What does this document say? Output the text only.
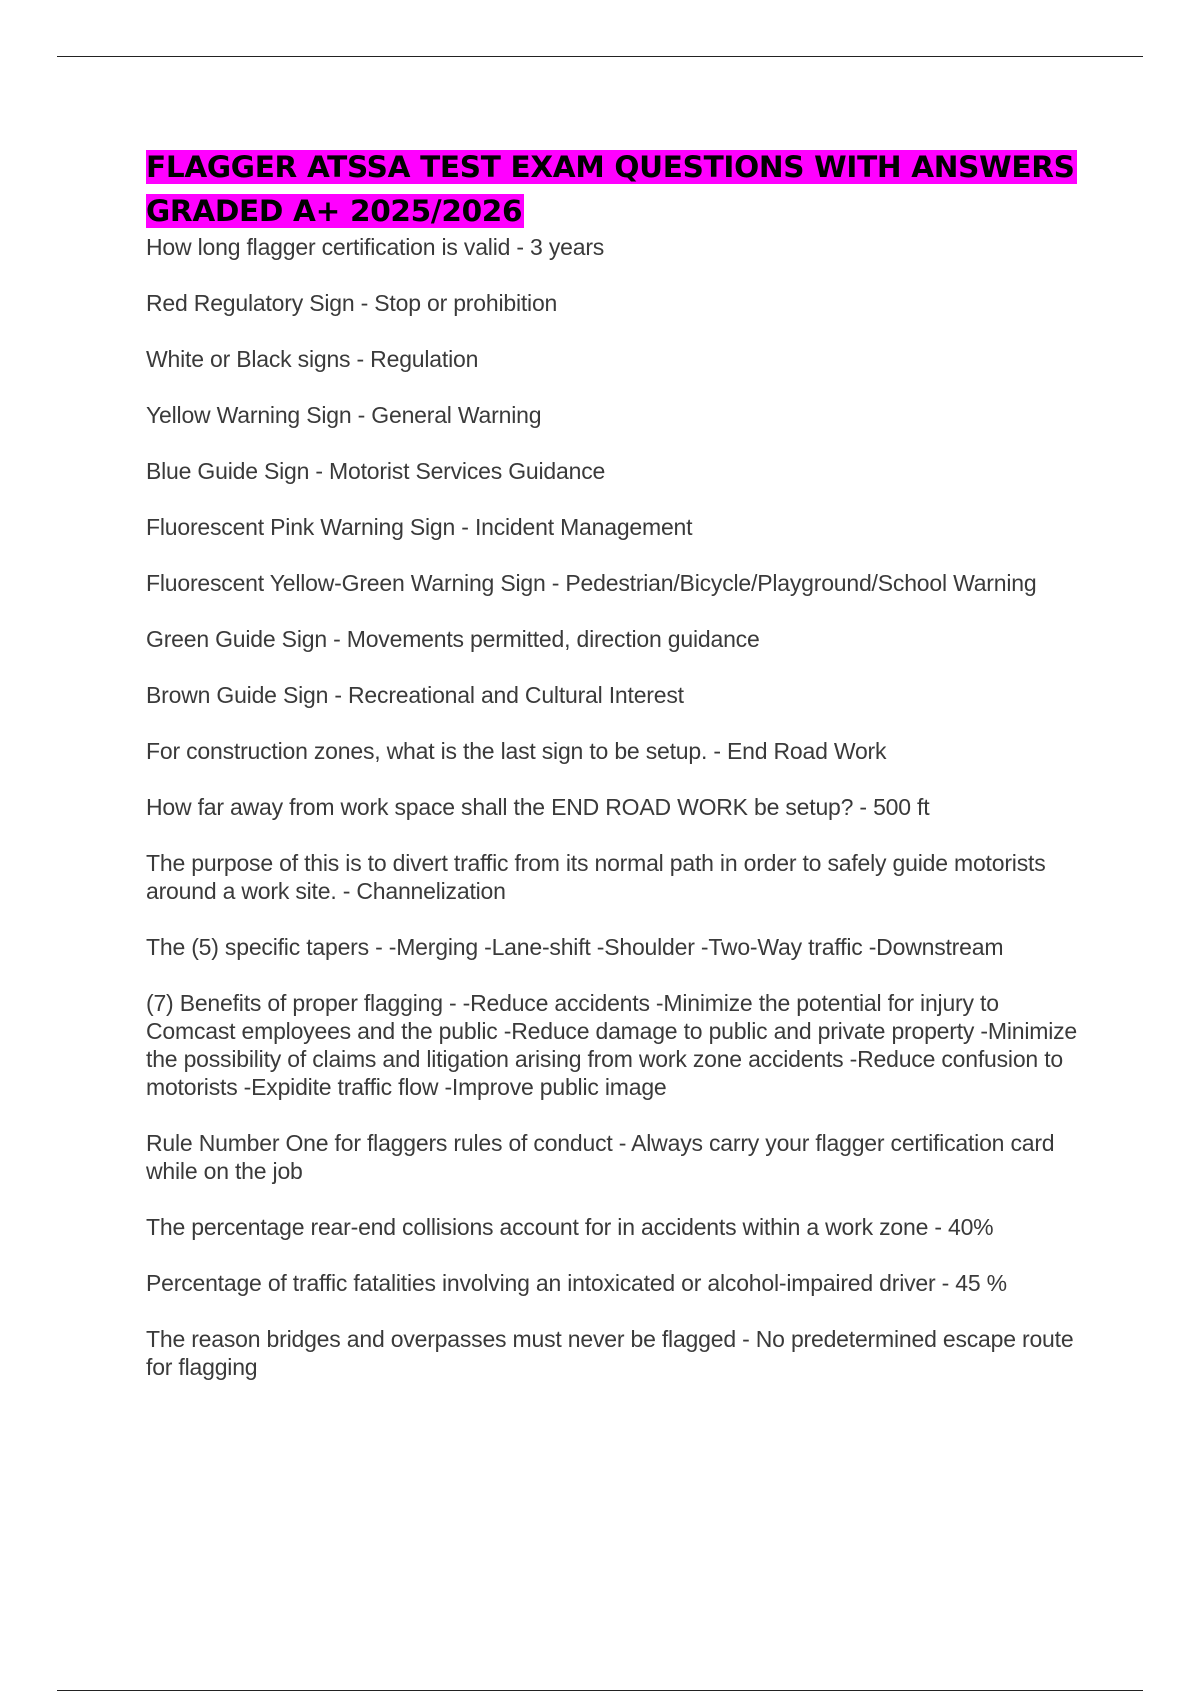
FLAGGER ATSSA TEST EXAM QUESTIONS WITH ANSWERS GRADED A+ 2025/2026
How long flagger certification is valid - 3 years
Red Regulatory Sign - Stop or prohibition
White or Black signs - Regulation
Yellow Warning Sign - General Warning
Blue Guide Sign - Motorist Services Guidance
Fluorescent Pink Warning Sign - Incident Management
Fluorescent Yellow-Green Warning Sign - Pedestrian/Bicycle/Playground/School Warning
Green Guide Sign - Movements permitted, direction guidance
Brown Guide Sign - Recreational and Cultural Interest
For construction zones, what is the last sign to be setup. - End Road Work
How far away from work space shall the END ROAD WORK be setup? - 500 ft
The purpose of this is to divert traffic from its normal path in order to safely guide motorists around a work site. - Channelization
The (5) specific tapers - -Merging -Lane-shift -Shoulder -Two-Way traffic -Downstream
(7) Benefits of proper flagging - -Reduce accidents -Minimize the potential for injury to Comcast employees and the public -Reduce damage to public and private property -Minimize the possibility of claims and litigation arising from work zone accidents -Reduce confusion to motorists -Expidite traffic flow -Improve public image
Rule Number One for flaggers rules of conduct - Always carry your flagger certification card while on the job
The percentage rear-end collisions account for in accidents within a work zone - 40%
Percentage of traffic fatalities involving an intoxicated or alcohol-impaired driver - 45 %
The reason bridges and overpasses must never be flagged - No predetermined escape route for flagging
